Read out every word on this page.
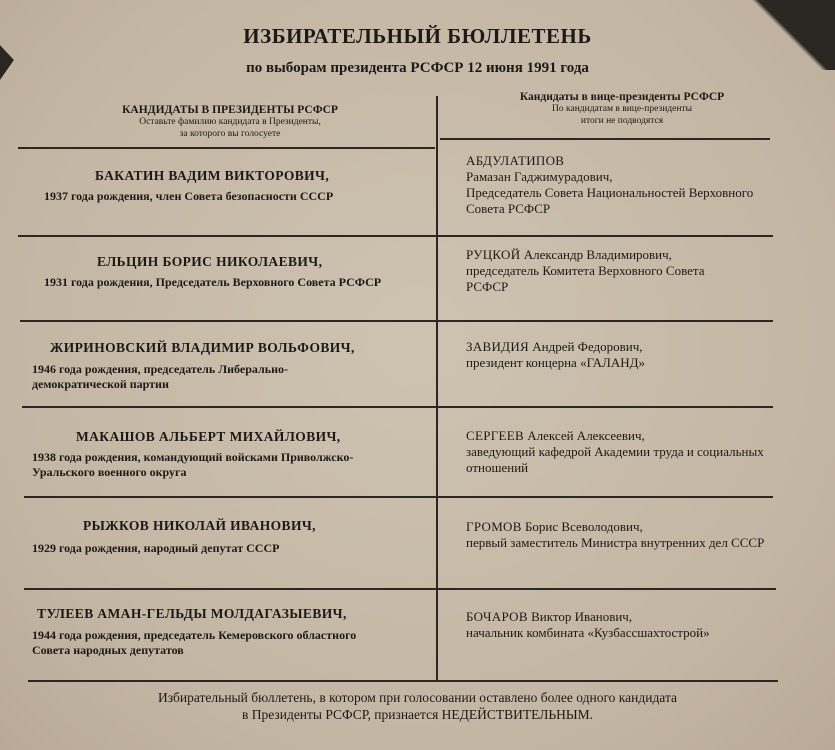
ИЗБИРАТЕЛЬНЫЙ БЮЛЛЕТЕНЬ
по выборам президента РСФСР 12 июня 1991 года
КАНДИДАТЫ В ПРЕЗИДЕНТЫ РСФСР
Оставьте фамилию кандидата в Президенты,
за которого вы голосуете
Кандидаты в вице-президенты РСФСР
По кандидатам в вице-президенты
итоги не подводятся
БАКАТИН ВАДИМ ВИКТОРОВИЧ,
1937 года рождения, член Совета безопасности СССР
АБДУЛАТИПОВ
Рамазан Гаджимурадович,
Председатель Совета Национальностей Верховного Совета РСФСР
ЕЛЬЦИН БОРИС НИКОЛАЕВИЧ,
1931 года рождения, Председатель Верховного Совета РСФСР
РУЦКОЙ Александр Владимирович,
председатель Комитета Верховного Совета РСФСР
ЖИРИНОВСКИЙ ВЛАДИМИР ВОЛЬФОВИЧ,
1946 года рождения, председатель Либерально-демократической партии
ЗАВИДИЯ Андрей Федорович,
президент концерна «ГАЛАНД»
МАКАШОВ АЛЬБЕРТ МИХАЙЛОВИЧ,
1938 года рождения, командующий войсками Приволжско-Уральского военного округа
СЕРГЕЕВ Алексей Алексеевич,
заведующий кафедрой Академии труда и социальных отношений
РЫЖКОВ НИКОЛАЙ ИВАНОВИЧ,
1929 года рождения, народный депутат СССР
ГРОМОВ Борис Всеволодович,
первый заместитель Министра внутренних дел СССР
ТУЛЕЕВ АМАН-ГЕЛЬДЫ МОЛДАГАЗЫЕВИЧ,
1944 года рождения, председатель Кемеровского областного Совета народных депутатов
БОЧАРОВ Виктор Иванович,
начальник комбината «Кузбассшахтострой»
Избирательный бюллетень, в котором при голосовании оставлено более одного кандидата
в Президенты РСФСР, признается НЕДЕЙСТВИТЕЛЬНЫМ.
